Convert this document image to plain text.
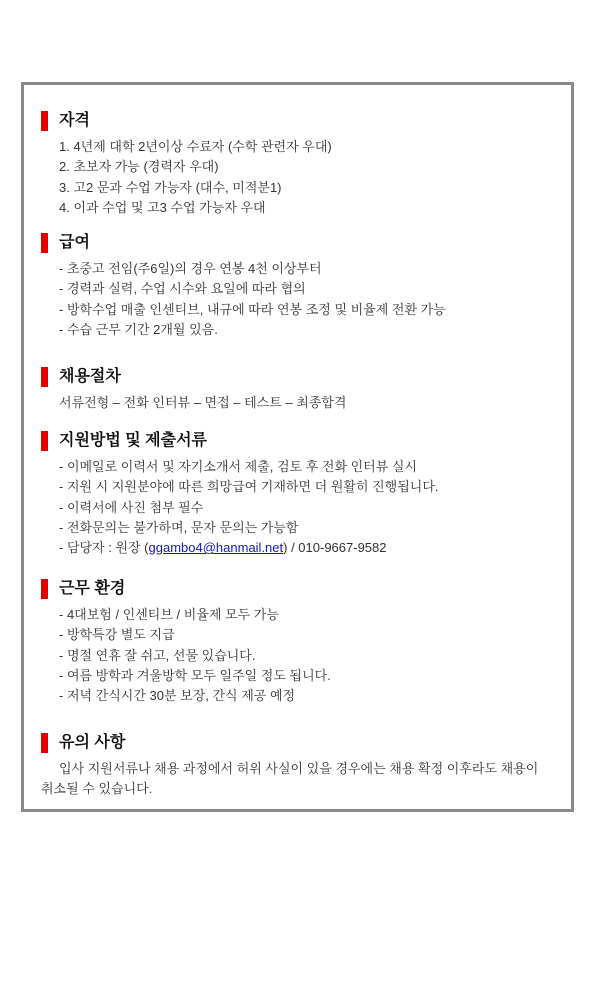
자격
1. 4년제 대학 2년이상 수료자 (수학 관련자 우대)
2. 초보자 가능 (경력자 우대)
3. 고2 문과 수업 가능자 (대수, 미적분1)
4. 이과 수업 및 고3 수업 가능자 우대
급여
- 초중고 전임(주6일)의 경우 연봉 4천 이상부터
- 경력과 실력, 수업 시수와 요일에 따라 협의
- 방학수업 매출 인센티브, 내규에 따라 연봉 조정 및 비율제 전환 가능
- 수습 근무 기간 2개월 있음.
채용절차
서류전형 – 전화 인터뷰 – 면접 – 테스트 – 최종합격
지원방법 및 제출서류
- 이메일로 이력서 및 자기소개서 제출, 검토 후 전화 인터뷰 실시
- 지원 시 지원분야에 따른 희망급여 기재하면 더 원활히 진행됩니다.
- 이력서에 사진 첨부 필수
- 전화문의는 불가하며, 문자 문의는 가능함
- 담당자 : 원장 (ggambo4@hanmail.net) / 010-9667-9582
근무 환경
- 4대보험 / 인센티브 / 비율제 모두 가능
- 방학특강 별도 지급
- 명절 연휴 잘 쉬고, 선물 있습니다.
- 여름 방학과 겨울방학 모두 일주일 정도 됩니다.
- 저녁 간식시간 30분 보장, 간식 제공 예정
유의 사항
입사 지원서류나 채용 과정에서 허위 사실이 있을 경우에는 채용 확정 이후라도 채용이 취소될 수 있습니다.
